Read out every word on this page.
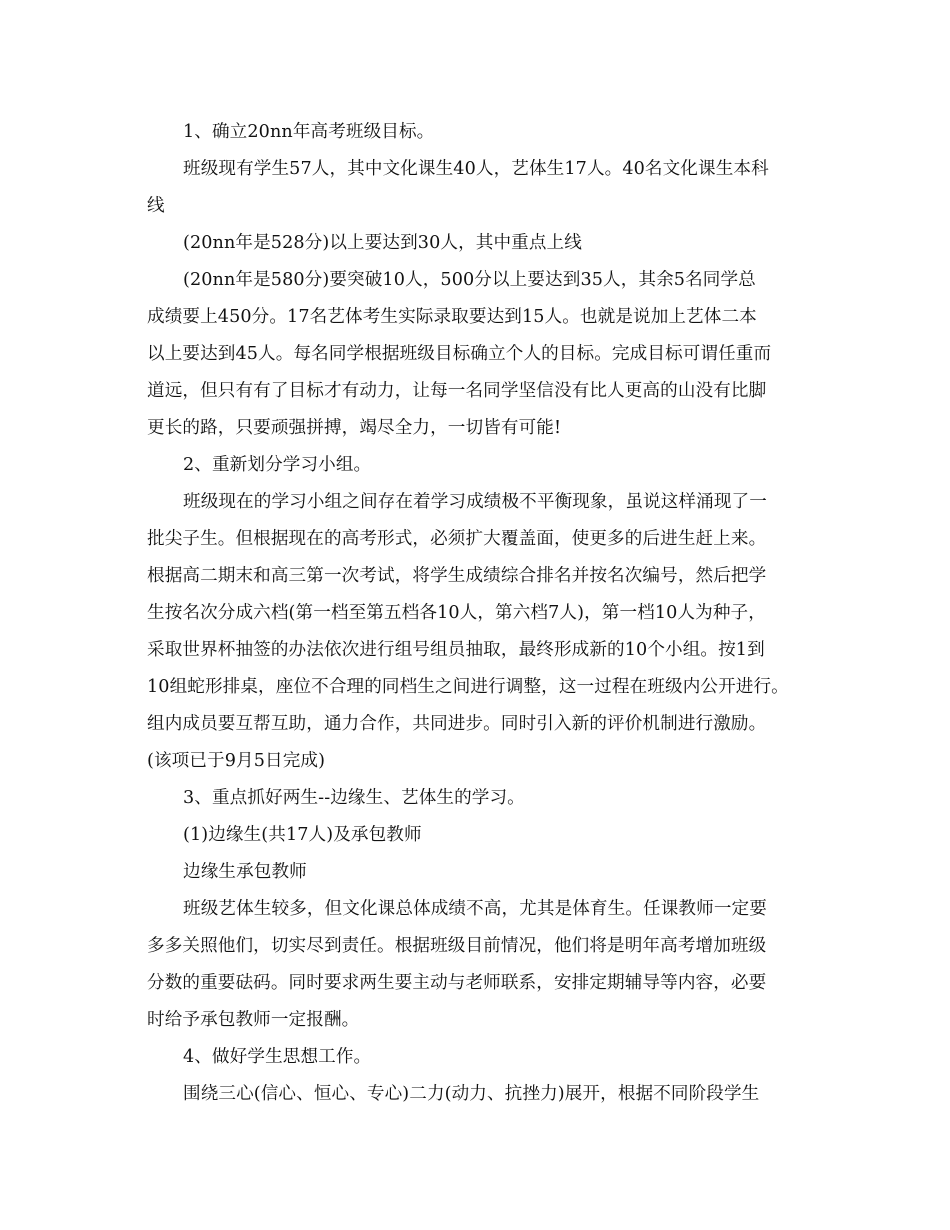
1、确立20nn年高考班级目标。
班级现有学生57人，其中文化课生40人，艺体生17人。40名文化课生本科
线
(20nn年是528分)以上要达到30人，其中重点上线
(20nn年是580分)要突破10人，500分以上要达到35人，其余5名同学总
成绩要上450分。17名艺体考生实际录取要达到15人。也就是说加上艺体二本
以上要达到45人。每名同学根据班级目标确立个人的目标。完成目标可谓任重而
道远，但只有有了目标才有动力，让每一名同学坚信没有比人更高的山没有比脚
更长的路，只要顽强拼搏，竭尽全力，一切皆有可能!
2、重新划分学习小组。
班级现在的学习小组之间存在着学习成绩极不平衡现象，虽说这样涌现了一
批尖子生。但根据现在的高考形式，必须扩大覆盖面，使更多的后进生赶上来。
根据高二期末和高三第一次考试，将学生成绩综合排名并按名次编号，然后把学
生按名次分成六档(第一档至第五档各10人，第六档7人)，第一档10人为种子，
采取世界杯抽签的办法依次进行组号组员抽取，最终形成新的10个小组。按1到
10组蛇形排桌，座位不合理的同档生之间进行调整，这一过程在班级内公开进行。
组内成员要互帮互助，通力合作，共同进步。同时引入新的评价机制进行激励。
(该项已于9月5日完成)
3、重点抓好两生--边缘生、艺体生的学习。
(1)边缘生(共17人)及承包教师
边缘生承包教师
班级艺体生较多，但文化课总体成绩不高，尤其是体育生。任课教师一定要
多多关照他们，切实尽到责任。根据班级目前情况，他们将是明年高考增加班级
分数的重要砝码。同时要求两生要主动与老师联系，安排定期辅导等内容，必要
时给予承包教师一定报酬。
4、做好学生思想工作。
围绕三心(信心、恒心、专心)二力(动力、抗挫力)展开，根据不同阶段学生
